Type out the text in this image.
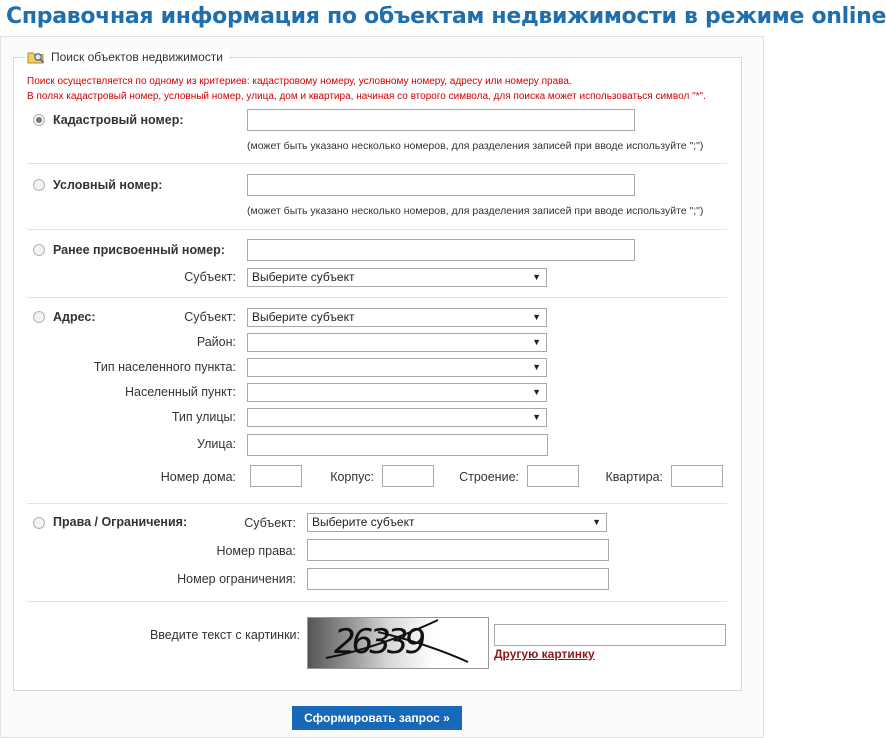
Справочная информация по объектам недвижимости в режиме online
Поиск объектов недвижимости
Поиск осуществляется по одному из критериев: кадастровому номеру, условному номеру, адресу или номеру права.
В полях кадастровый номер, условный номер, улица, дом и квартира, начиная со второго символа, для поиска может использоваться символ "*".
Кадастровый номер:
(может быть указано несколько номеров, для разделения записей при вводе используйте ";")
Условный номер:
(может быть указано несколько номеров, для разделения записей при вводе используйте ";")
Ранее присвоенный номер:
Субъект:	Выберите субъект	▼
Адрес:	Субъект:	Выберите субъект	▼
Район:	▼
Тип населенного пункта:	▼
Населенный пункт:	▼
Тип улицы:	▼
Улица:
Номер дома:	Корпус:	Строение:	Квартира:
Права / Ограничения:	Субъект:	Выберите субъект	▼
Номер права:
Номер ограничения:
Введите текст с картинки: 26339	Другую картинку
Сформировать запрос »
